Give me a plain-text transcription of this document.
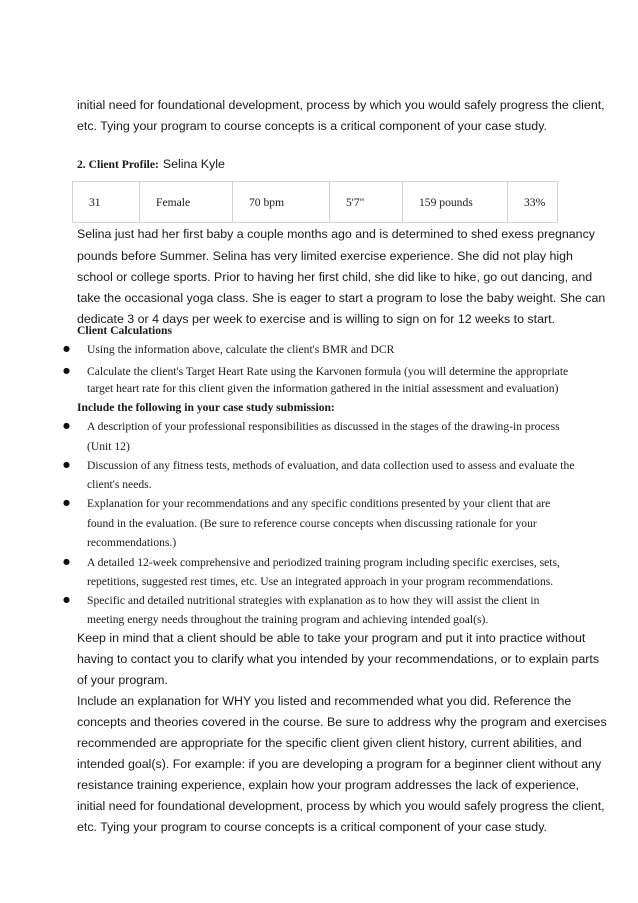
initial need for foundational development, process by which you would safely progress the client,
etc. Tying your program to course concepts is a critical component of your case study.
2. Client Profile: Selina Kyle
31	Female	70 bpm	5'7"	159 pounds	33%
Selina just had her first baby a couple months ago and is determined to shed exess pregnancy
pounds before Summer. Selina has very limited exercise experience. She did not play high
school or college sports. Prior to having her first child, she did like to hike, go out dancing, and
take the occasional yoga class. She is eager to start a program to lose the baby weight. She can
dedicate 3 or 4 days per week to exercise and is willing to sign on for 12 weeks to start.
Client Calculations
● Using the information above, calculate the client's BMR and DCR
● Calculate the client's Target Heart Rate using the Karvonen formula (you will determine the appropriate
target heart rate for this client given the information gathered in the initial assessment and evaluation)
Include the following in your case study submission:
● A description of your professional responsibilities as discussed in the stages of the drawing-in process
(Unit 12)
● Discussion of any fitness tests, methods of evaluation, and data collection used to assess and evaluate the
client's needs.
● Explanation for your recommendations and any specific conditions presented by your client that are
found in the evaluation. (Be sure to reference course concepts when discussing rationale for your
recommendations.)
● A detailed 12-week comprehensive and periodized training program including specific exercises, sets,
repetitions, suggested rest times, etc. Use an integrated approach in your program recommendations.
● Specific and detailed nutritional strategies with explanation as to how they will assist the client in
meeting energy needs throughout the training program and achieving intended goal(s).
Keep in mind that a client should be able to take your program and put it into practice without
having to contact you to clarify what you intended by your recommendations, or to explain parts
of your program.
Include an explanation for WHY you listed and recommended what you did. Reference the
concepts and theories covered in the course. Be sure to address why the program and exercises
recommended are appropriate for the specific client given client history, current abilities, and
intended goal(s). For example: if you are developing a program for a beginner client without any
resistance training experience, explain how your program addresses the lack of experience,
initial need for foundational development, process by which you would safely progress the client,
etc. Tying your program to course concepts is a critical component of your case study.
